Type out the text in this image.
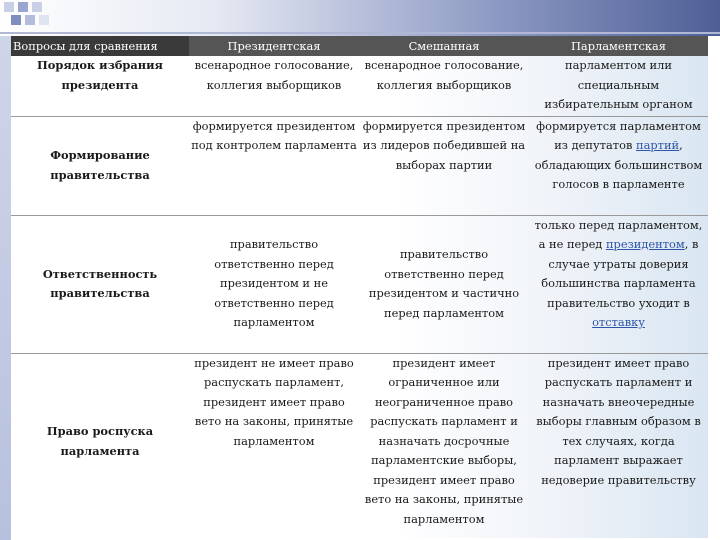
Вопросы для сравнения	Президентская	Смешанная	Парламентская
Порядок избрания президента	всенародное голосование, коллегия выборщиков	всенародное голосование, коллегия выборщиков	парламентом или специальным избирательным органом
Формирование правительства	формируется президентом под контролем парламента	формируется президентом из лидеров победившей на выборах партии	формируется парламентом из депутатов партий, обладающих большинством голосов в парламенте
Ответственность правительства	правительство ответственно перед президентом и не ответственно перед парламентом	правительство ответственно перед президентом и частично перед парламентом	только перед парламентом, а не перед президентом, в случае утраты доверия большинства парламента правительство уходит в отставку
Право роспуска парламента	президент не имеет право распускать парламент, президент имеет право вето на законы, принятые парламентом	президент имеет ограниченное или неограниченное право распускать парламент и назначать досрочные парламентские выборы, президент имеет право вето на законы, принятые парламентом	президент имеет право распускать парламент и назначать внеочередные выборы главным образом в тех случаях, когда парламент выражает недоверие правительству
